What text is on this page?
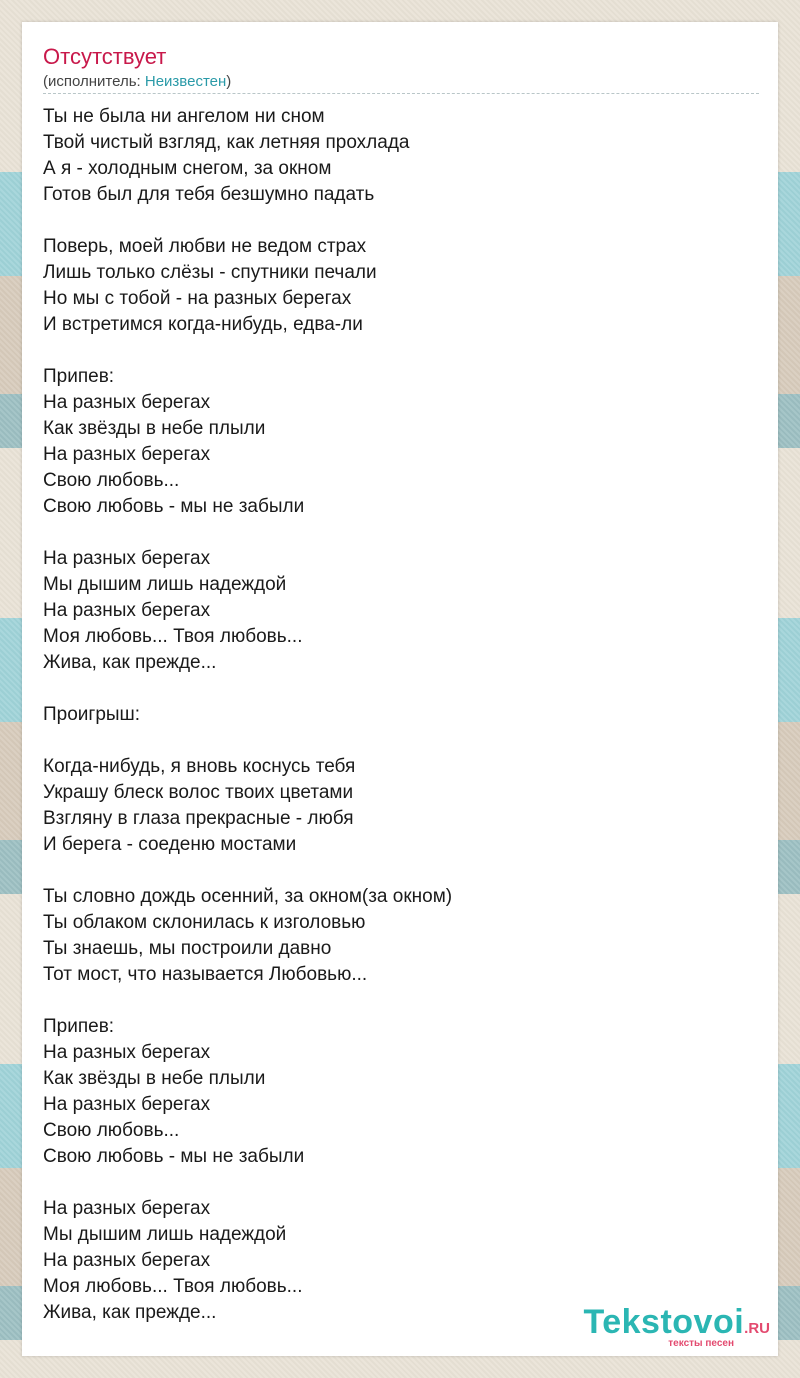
Отсутствует
(исполнитель: Неизвестен)
Ты не была ни ангелом ни сном
Твой чистый взгляд, как летняя прохлада
А я - холодным снегом, за окном
Готов был для тебя безшумно падать
Поверь, моей любви не ведом страх
Лишь только слёзы - спутники печали
Но мы с тобой - на разных берегах
И встретимся когда-нибудь, едва-ли
Припев:
На разных берегах
Как звёзды в небе плыли
На разных берегах
Свою любовь...
Свою любовь - мы не забыли
На разных берегах
Мы дышим лишь надеждой
На разных берегах
Моя любовь... Твоя любовь...
Жива, как прежде...
Проигрыш:
Когда-нибудь, я вновь коснусь тебя
Украшу блеск волос твоих цветами
Взгляну в глаза прекрасные - любя
И берега - соеденю мостами
Ты словно дождь осенний, за окном(за окном)
Ты облаком склонилась к изголовью
Ты знаешь, мы построили давно
Тот мост, что называется Любовью...
Припев:
На разных берегах
Как звёзды в небе плыли
На разных берегах
Свою любовь...
Свою любовь - мы не забыли
На разных берегах
Мы дышим лишь надеждой
На разных берегах
Моя любовь... Твоя любовь...
Жива, как прежде...	Tekstovoi.RU
тексты песен
